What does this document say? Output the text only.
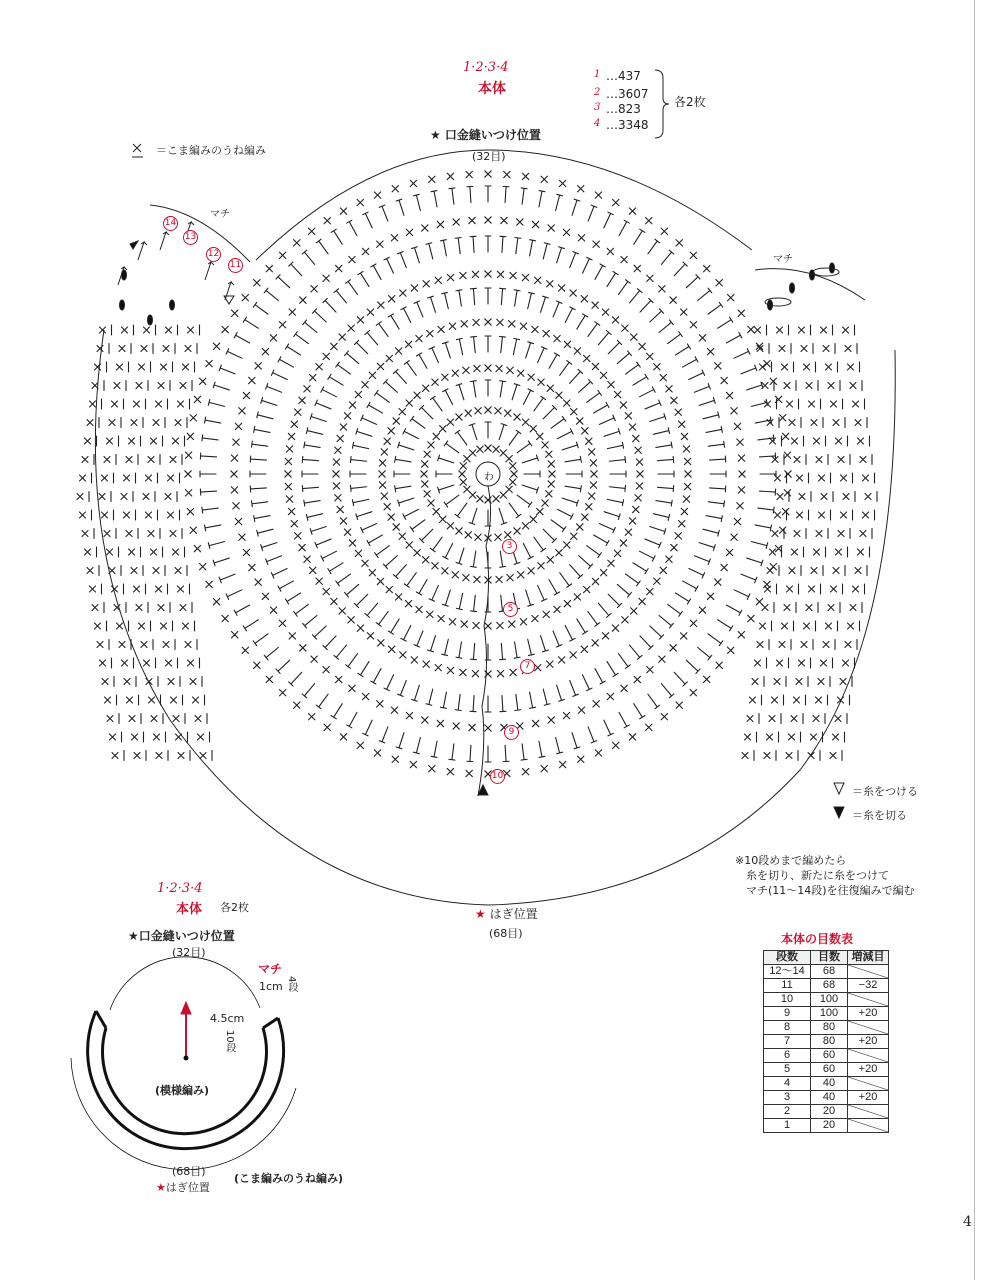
1·2·3·4
本体
1 …437
2 …3607
3 …823
4 …3348
各2枚
★ 口金縫いつけ位置
(32目)
＝こま編みのうね編み
マチ
マチ
わ
3
5
7
9
10
11
12
13
14
＝糸をつける
＝糸を切る
※10段めまで編めたら
糸を切り、新たに糸をつけて
マチ(11～14段)を往復編みで編む
★ はぎ位置
(68目)
1·2·3·4
本体 各2枚
★口金縫いつけ位置
(32目)
マチ
1cm 4段
4.5cm
10段
(模様編み)
(68目)
(こま編みのうね編み)
★はぎ位置
本体の目数表
段数	目数	増減目
12～14	68	
11	68	−32
10	100	
9	100	+20
8	80	
7	80	+20
6	60	
5	60	+20
4	40	
3	40	+20
2	20	
1	20	
4
